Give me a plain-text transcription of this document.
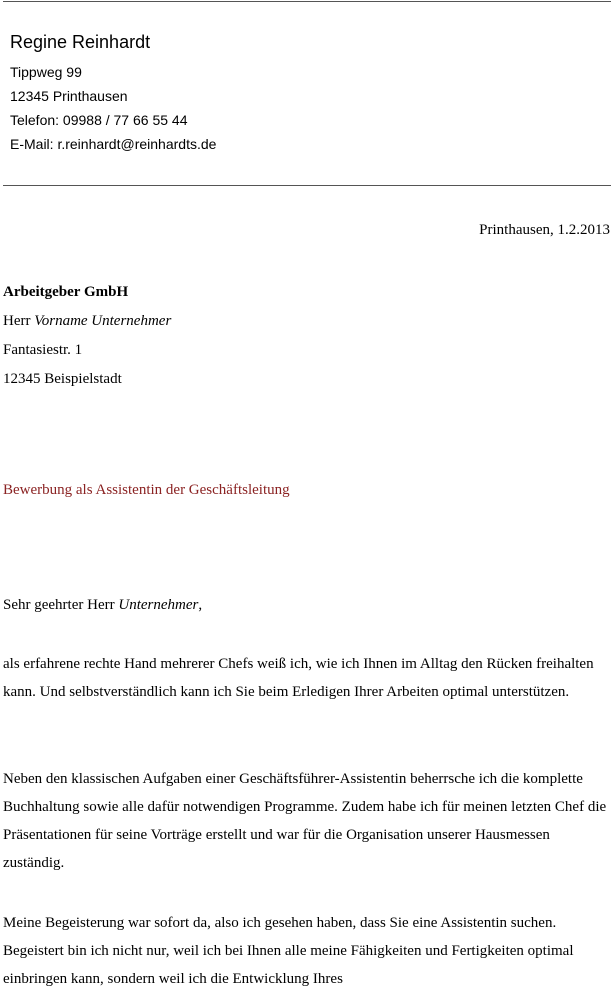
Regine Reinhardt
Tippweg 99
12345 Printhausen
Telefon: 09988 / 77 66 55 44
E-Mail: r.reinhardt@reinhardts.de
Printhausen, 1.2.2013
Arbeitgeber GmbH
Herr Vorname Unternehmer
Fantasiestr. 1
12345 Beispielstadt
Bewerbung als Assistentin der Geschäftsleitung
Sehr geehrter Herr Unternehmer,

als erfahrene rechte Hand mehrerer Chefs weiß ich, wie ich Ihnen im Alltag den Rücken freihalten kann. Und selbstverständlich kann ich Sie beim Erledigen Ihrer Arbeiten optimal unterstützen.

Neben den klassischen Aufgaben einer Geschäftsführer-Assistentin beherrsche ich die komplette Buchhaltung sowie alle dafür notwendigen Programme. Zudem habe ich für meinen letzten Chef die Präsentationen für seine Vorträge erstellt und war für die Organisation unserer Hausmessen zuständig.

Meine Begeisterung war sofort da, also ich gesehen haben, dass Sie eine Assistentin suchen. Begeistert bin ich nicht nur, weil ich bei Ihnen alle meine Fähigkeiten und Fertigkeiten optimal einbringen kann, sondern weil ich die Entwicklung Ihres
